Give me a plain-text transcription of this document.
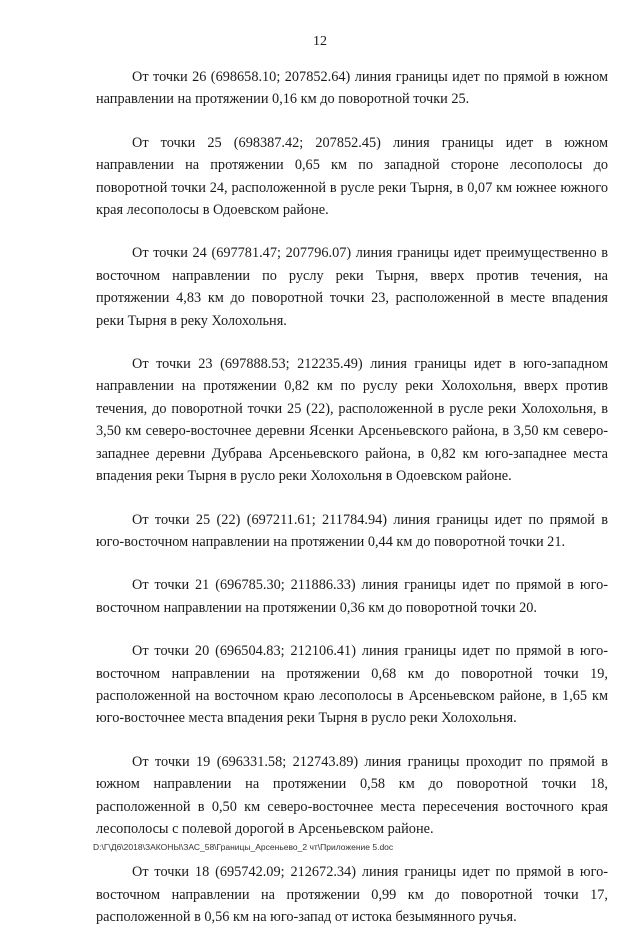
12

От точки 26 (698658.10; 207852.64) линия границы идет по прямой в южном направлении на протяжении 0,16 км до поворотной точки 25.

От точки 25 (698387.42; 207852.45) линия границы идет в южном направлении на протяжении 0,65 км по западной стороне лесополосы до поворотной точки 24, расположенной в русле реки Тырня, в 0,07 км южнее южного края лесополосы в Одоевском районе.

От точки 24 (697781.47; 207796.07) линия границы идет преимущественно в восточном направлении по руслу реки Тырня, вверх против течения, на протяжении 4,83 км до поворотной точки 23, расположенной в месте впадения реки Тырня в реку Холохольня.

От точки 23 (697888.53; 212235.49) линия границы идет в юго-западном направлении на протяжении 0,82 км по руслу реки Холохольня, вверх против течения, до поворотной точки 25 (22), расположенной в русле реки Холохольня, в 3,50 км северо-восточнее деревни Ясенки Арсеньевского района, в 3,50 км северо-западнее деревни Дубрава Арсеньевского района, в 0,82 км юго-западнее места впадения реки Тырня в русло реки Холохольня в Одоевском районе.

От точки 25 (22) (697211.61; 211784.94) линия границы идет по прямой в юго-восточном направлении на протяжении 0,44 км до поворотной точки 21.

От точки 21 (696785.30; 211886.33) линия границы идет по прямой в юго-восточном направлении на протяжении 0,36 км до поворотной точки 20.

От точки 20 (696504.83; 212106.41) линия границы идет по прямой в юго-восточном направлении на протяжении 0,68 км до поворотной точки 19, расположенной на восточном краю лесополосы в Арсеньевском районе, в 1,65 км юго-восточнее места впадения реки Тырня в русло реки Холохольня.

От точки 19 (696331.58; 212743.89) линия границы проходит по прямой в южном направлении на протяжении 0,58 км до поворотной точки 18, расположенной в 0,50 км северо-восточнее места пересечения восточного края лесополосы с полевой дорогой в Арсеньевском районе.

От точки 18 (695742.09; 212672.34) линия границы идет по прямой в юго-восточном направлении на протяжении 0,99 км до поворотной точки 17, расположенной в 0,56 км на юго-запад от истока безымянного ручья.

D:\Г\Д6\2018\ЗАКОНЫ\ЗАС_58\Границы_Арсеньево_2 чт\Приложение 5.doc
